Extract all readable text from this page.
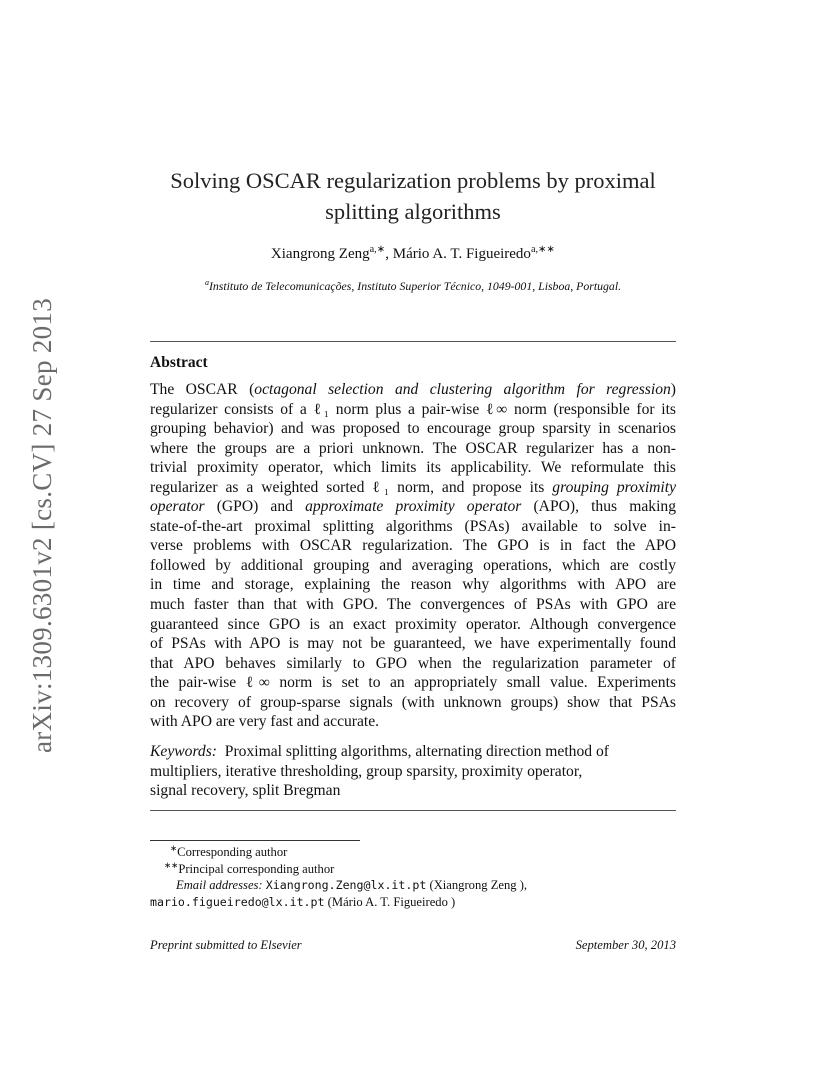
arXiv:1309.6301v2 [cs.CV] 27 Sep 2013
Solving OSCAR regularization problems by proximal
splitting algorithms
Xiangrong Zeng$^{a,∗}$, Mário A. T. Figueiredo$^{a,∗∗}$
$^a$Instituto de Telecomunicações, Instituto Superior Técnico, 1049-001, Lisboa, Portugal.
Abstract
The OSCAR (octagonal selection and clustering algorithm for regression)
regularizer consists of a ℓ₁ norm plus a pair-wise ℓ∞ norm (responsible for its
grouping behavior) and was proposed to encourage group sparsity in scenarios
where the groups are a priori unknown. The OSCAR regularizer has a non-
trivial proximity operator, which limits its applicability. We reformulate this
regularizer as a weighted sorted ℓ₁ norm, and propose its grouping proximity
operator (GPO) and approximate proximity operator (APO), thus making
state-of-the-art proximal splitting algorithms (PSAs) available to solve in-
verse problems with OSCAR regularization. The GPO is in fact the APO
followed by additional grouping and averaging operations, which are costly
in time and storage, explaining the reason why algorithms with APO are
much faster than that with GPO. The convergences of PSAs with GPO are
guaranteed since GPO is an exact proximity operator. Although convergence
of PSAs with APO is may not be guaranteed, we have experimentally found
that APO behaves similarly to GPO when the regularization parameter of
the pair-wise ℓ∞ norm is set to an appropriately small value. Experiments
on recovery of group-sparse signals (with unknown groups) show that PSAs
with APO are very fast and accurate.
Keywords: Proximal splitting algorithms, alternating direction method of
multipliers, iterative thresholding, group sparsity, proximity operator,
signal recovery, split Bregman
∗Corresponding author
∗∗Principal corresponding author
Email addresses: Xiangrong.Zeng@lx.it.pt (Xiangrong Zeng ),
mario.figueiredo@lx.it.pt (Mário A. T. Figueiredo )
Preprint submitted to Elsevier	September 30, 2013
